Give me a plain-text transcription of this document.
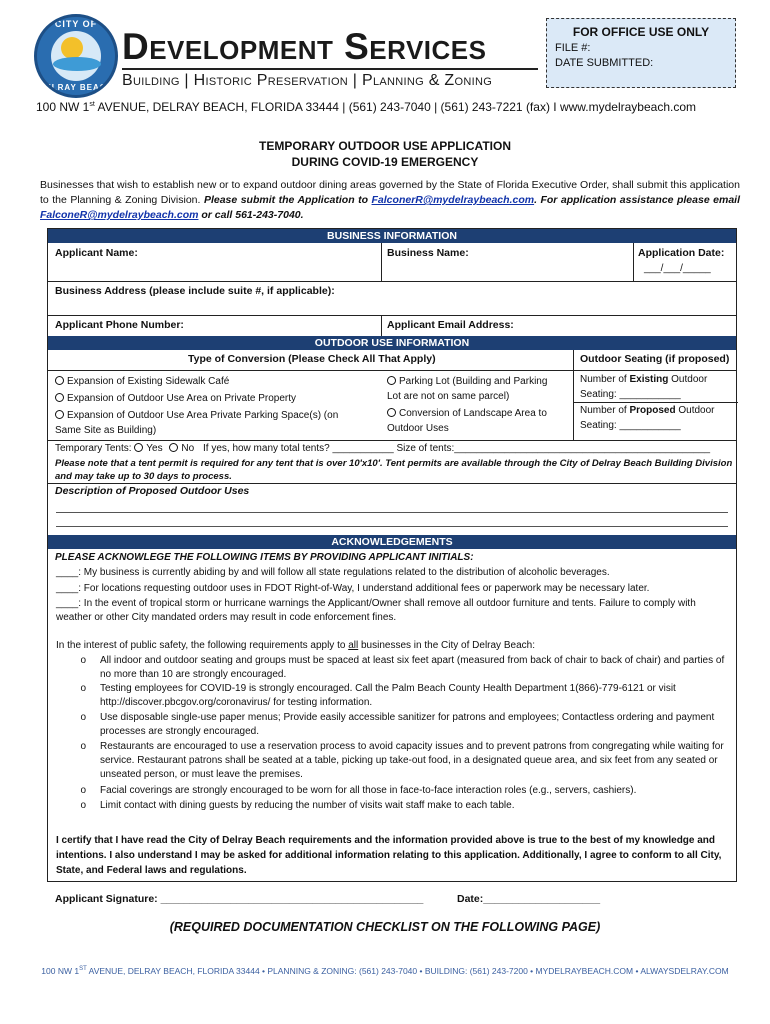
CITY OF
DELRAY BEACH
Development Services
Building | Historic Preservation | Planning & Zoning
FOR OFFICE USE ONLY
FILE #:
DATE SUBMITTED:
100 NW 1st AVENUE, DELRAY BEACH, FLORIDA 33444 | (561) 243-7040 | (561) 243-7221 (fax) I www.mydelraybeach.com
TEMPORARY OUTDOOR USE APPLICATION
DURING COVID-19 EMERGENCY
Businesses that wish to establish new or to expand outdoor dining areas governed by the State of Florida Executive Order, shall submit this application to the Planning & Zoning Division. Please submit the Application to FalconerR@mydelraybeach.com. For application assistance please email FalconeR@mydelraybeach.com or call 561-243-7040.
BUSINESS INFORMATION
Applicant Name:	Business Name:	Application Date:
___/___/_____
Business Address (please include suite #, if applicable):
Applicant Phone Number:	Applicant Email Address:
OUTDOOR USE INFORMATION
Type of Conversion (Please Check All That Apply)	Outdoor Seating (if proposed)
Expansion of Existing Sidewalk Café
Expansion of Outdoor Use Area on Private Property
Expansion of Outdoor Use Area Private Parking Space(s) (on Same Site as Building)
Parking Lot (Building and Parking Lot are not on same parcel)
Conversion of Landscape Area to Outdoor Uses
Number of Existing Outdoor Seating: ___________
Number of Proposed Outdoor Seating: ___________
Temporary Tents: Yes No If yes, how many total tents? ___________ Size of tents:______________________________________________
Please note that a tent permit is required for any tent that is over 10'x10'. Tent permits are available through the City of Delray Beach Building Division and may take up to 30 days to process.
Description of Proposed Outdoor Uses
ACKNOWLEDGEMENTS
PLEASE ACKNOWLEGE THE FOLLOWING ITEMS BY PROVIDING APPLICANT INITIALS:
____: My business is currently abiding by and will follow all state regulations related to the distribution of alcoholic beverages.
____: For locations requesting outdoor uses in FDOT Right-of-Way, I understand additional fees or paperwork may be necessary later.
____: In the event of tropical storm or hurricane warnings the Applicant/Owner shall remove all outdoor furniture and tents. Failure to comply with weather or other City mandated orders may result in code enforcement fines.
In the interest of public safety, the following requirements apply to all businesses in the City of Delray Beach:
o	All indoor and outdoor seating and groups must be spaced at least six feet apart (measured from back of chair to back of chair) and parties of no more than 10 are strongly encouraged.
o	Testing employees for COVID-19 is strongly encouraged. Call the Palm Beach County Health Department 1(866)-779-6121 or visit http://discover.pbcgov.org/coronavirus/ for testing information.
o	Use disposable single-use paper menus; Provide easily accessible sanitizer for patrons and employees; Contactless ordering and payment processes are strongly encouraged.
o	Restaurants are encouraged to use a reservation process to avoid capacity issues and to prevent patrons from congregating while waiting for service. Restaurant patrons shall be seated at a table, picking up take-out food, in a designated queue area, and six feet from any seated or unseated person, or must leave the premises.
o	Facial coverings are strongly encouraged to be worn for all those in face-to-face interaction roles (e.g., servers, cashiers).
o	Limit contact with dining guests by reducing the number of visits wait staff make to each table.
I certify that I have read the City of Delray Beach requirements and the information provided above is true to the best of my knowledge and intentions. I also understand I may be asked for additional information relating to this application. Additionally, I agree to conform to all City, State, and Federal laws and regulations.
Applicant Signature: _____________________________________________	Date:____________________
(REQUIRED DOCUMENTATION CHECKLIST ON THE FOLLOWING PAGE)
100 NW 1ST AVENUE, DELRAY BEACH, FLORIDA 33444 • PLANNING & ZONING: (561) 243-7040 • BUILDING: (561) 243-7200 • MYDELRAYBEACH.COM • ALWAYSDELRAY.COM
